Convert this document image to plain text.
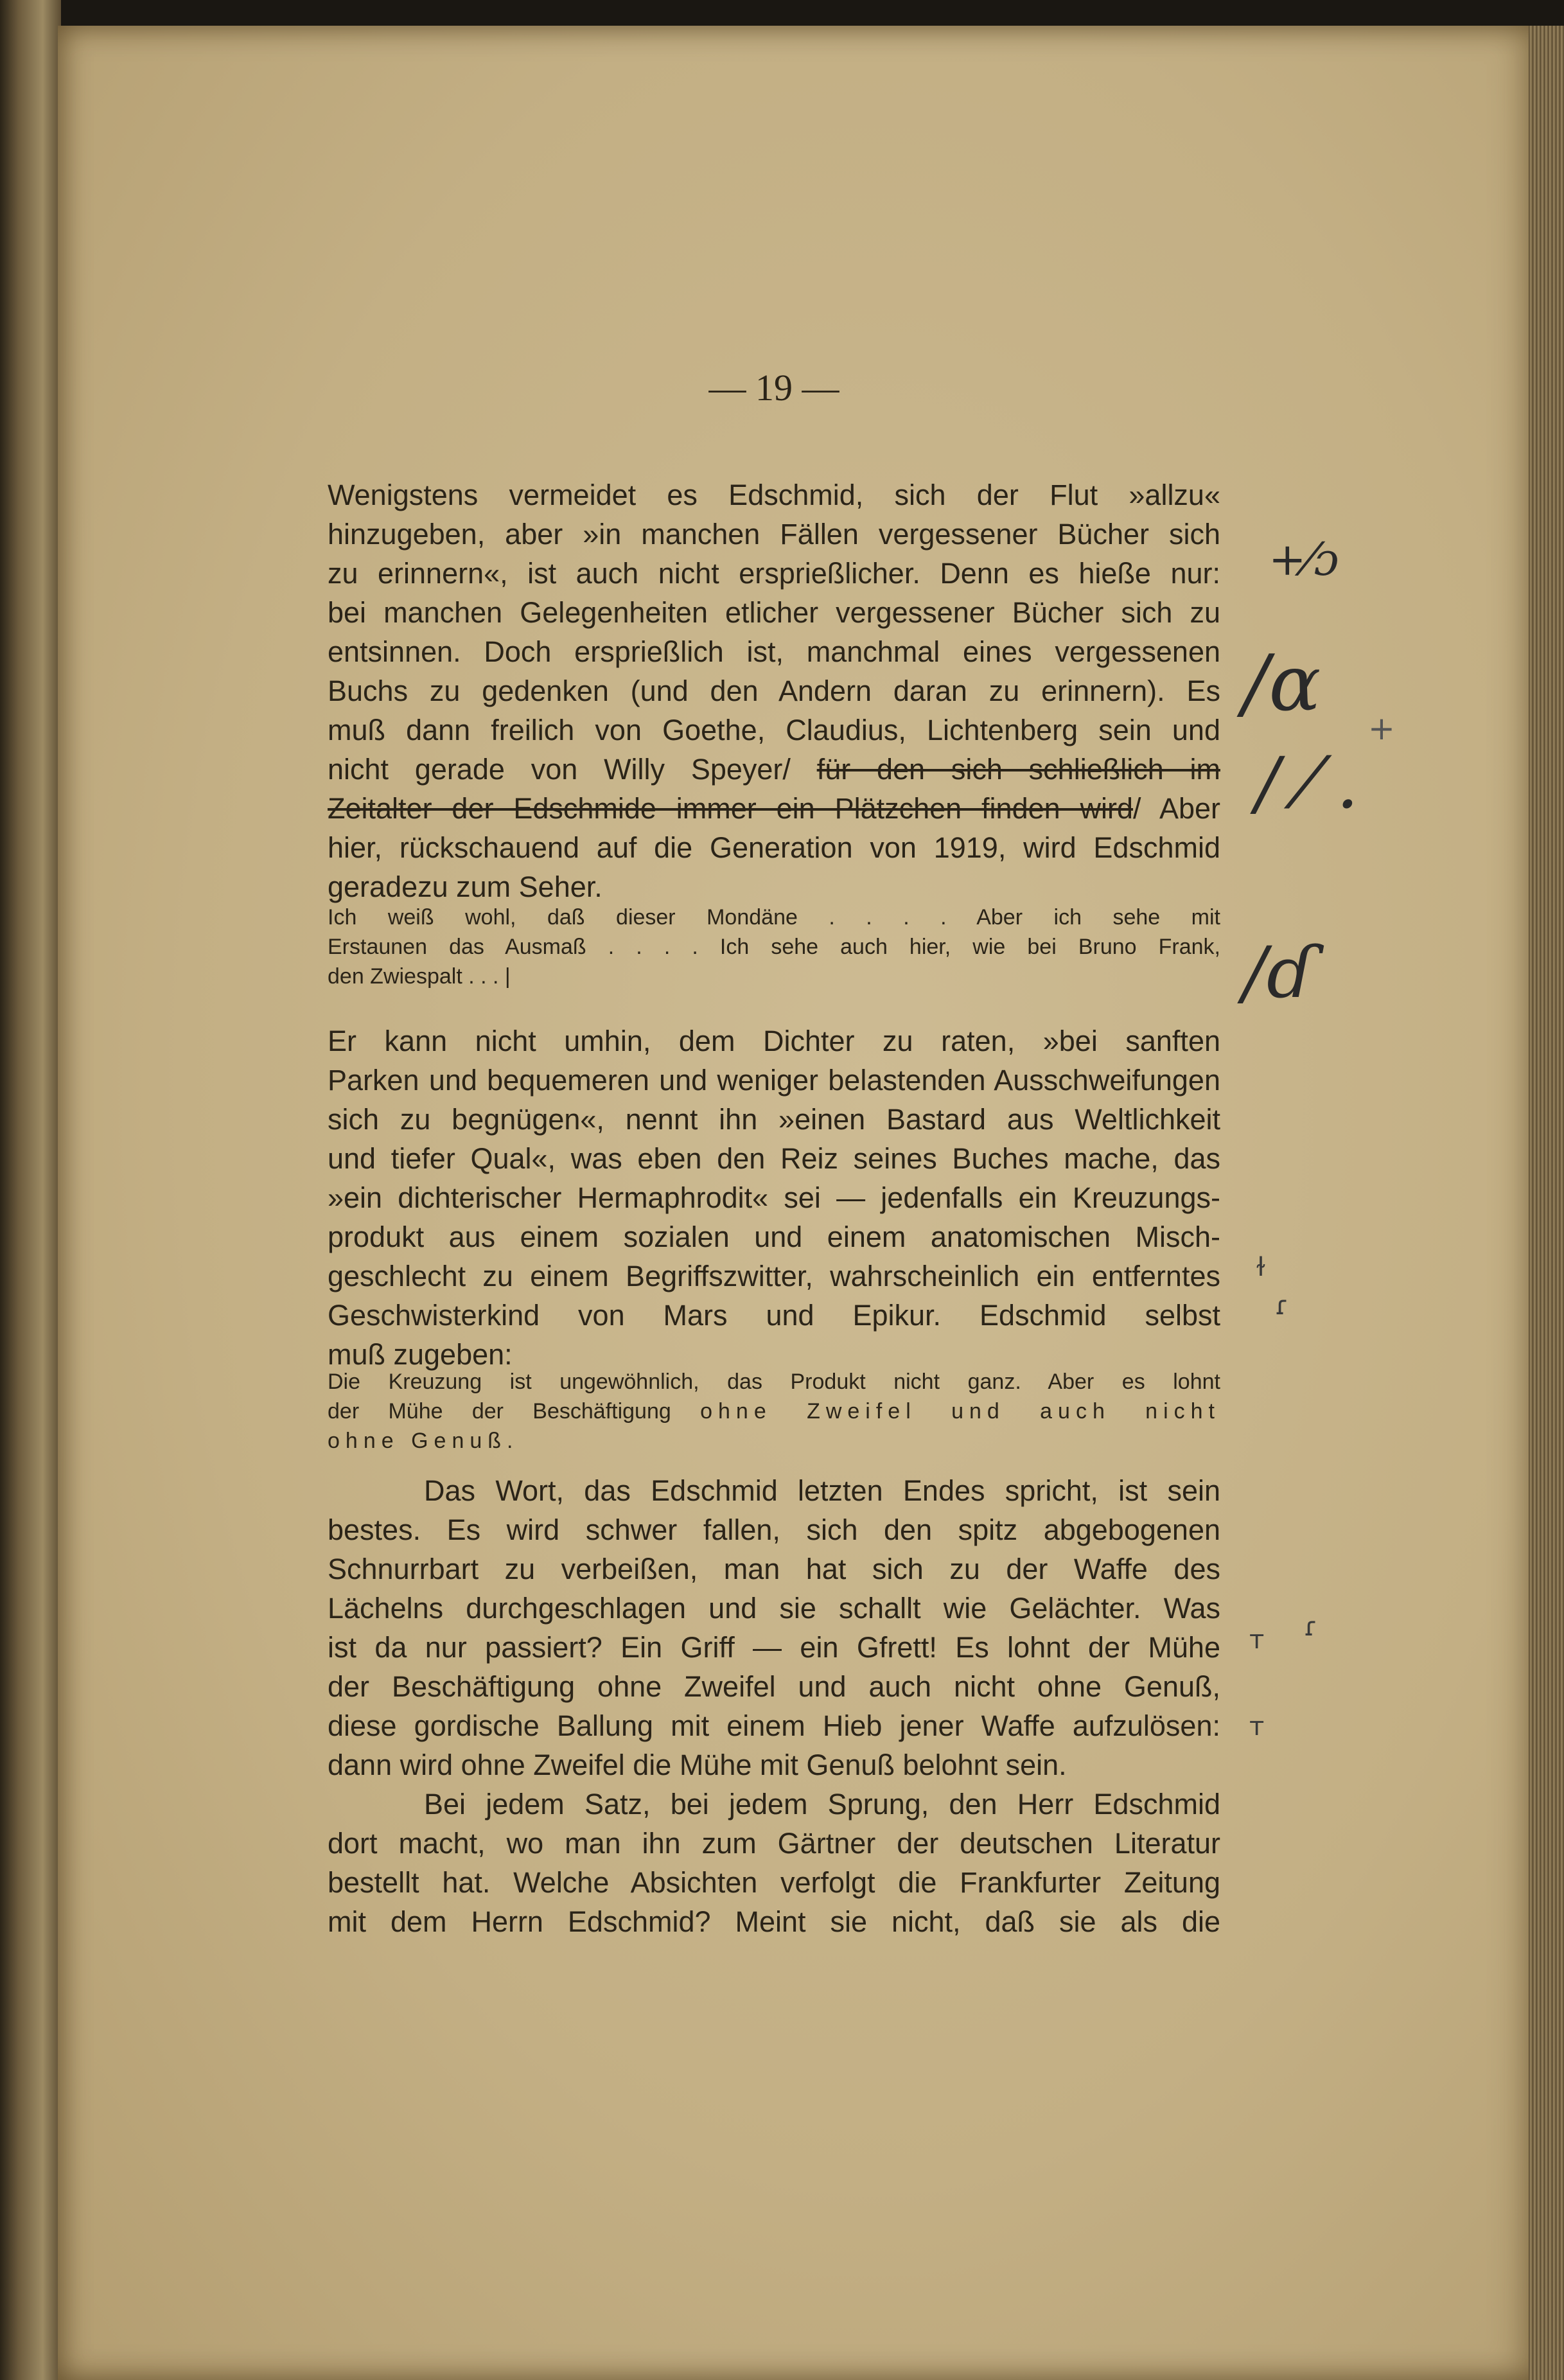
— 19 —
Wenigstens vermeidet es Edschmid, sich der Flut »allzu«
hinzugeben, aber »in manchen Fällen vergessener Bücher sich
zu erinnern«, ist auch nicht ersprießlicher. Denn es hieße nur:
bei manchen Gelegenheiten etlicher vergessener Bücher sich zu
entsinnen. Doch ersprießlich ist, manchmal eines vergessenen
Buchs zu gedenken (und den Andern daran zu erinnern). Es
muß dann freilich von Goethe, Claudius, Lichtenberg sein und
nicht gerade von Willy Speyer/ für den sich schließlich im
Zeitalter der Edschmide immer ein Plätzchen finden wird/ Aber
hier, rückschauend auf die Generation von 1919, wird Edschmid
geradezu zum Seher.
Ich weiß wohl, daß dieser Mondäne . . . . Aber ich sehe mit
Erstaunen das Ausmaß . . . . Ich sehe auch hier, wie bei Bruno Frank,
den Zwiespalt . . . |
Er kann nicht umhin, dem Dichter zu raten, »bei sanften
Parken und bequemeren und weniger belastenden Ausschweifungen
sich zu begnügen«, nennt ihn »einen Bastard aus Weltlichkeit
und tiefer Qual«, was eben den Reiz seines Buches mache, das
»ein dichterischer Hermaphrodit« sei — jedenfalls ein Kreuzungs-
produkt aus einem sozialen und einem anatomischen Misch-
geschlecht zu einem Begriffszwitter, wahrscheinlich ein entferntes
Geschwisterkind von Mars und Epikur. Edschmid selbst
muß zugeben:
Die Kreuzung ist ungewöhnlich, das Produkt nicht ganz. Aber es lohnt
der Mühe der Beschäftigung ohne Zweifel und auch nicht
ohne Genuß.
Das Wort, das Edschmid letzten Endes spricht, ist sein
bestes. Es wird schwer fallen, sich den spitz abgebogenen
Schnurrbart zu verbeißen, man hat sich zu der Waffe des
Lächelns durchgeschlagen und sie schallt wie Gelächter. Was
ist da nur passiert? Ein Griff — ein Gfrett! Es lohnt der Mühe
der Beschäftigung ohne Zweifel und auch nicht ohne Genuß,
diese gordische Ballung mit einem Hieb jener Waffe aufzulösen:
dann wird ohne Zweifel die Mühe mit Genuß belohnt sein.
Bei jedem Satz, bei jedem Sprung, den Herr Edschmid
dort macht, wo man ihn zum Gärtner der deutschen Literatur
bestellt hat. Welche Absichten verfolgt die Frankfurter Zeitung
mit dem Herrn Edschmid? Meint sie nicht, daß sie als die
+⁄ɔ
/ɑ
/ ⁄ .
/ɗ
+
ɫ
ɾ
ᴛ ɾ
ᴛ
